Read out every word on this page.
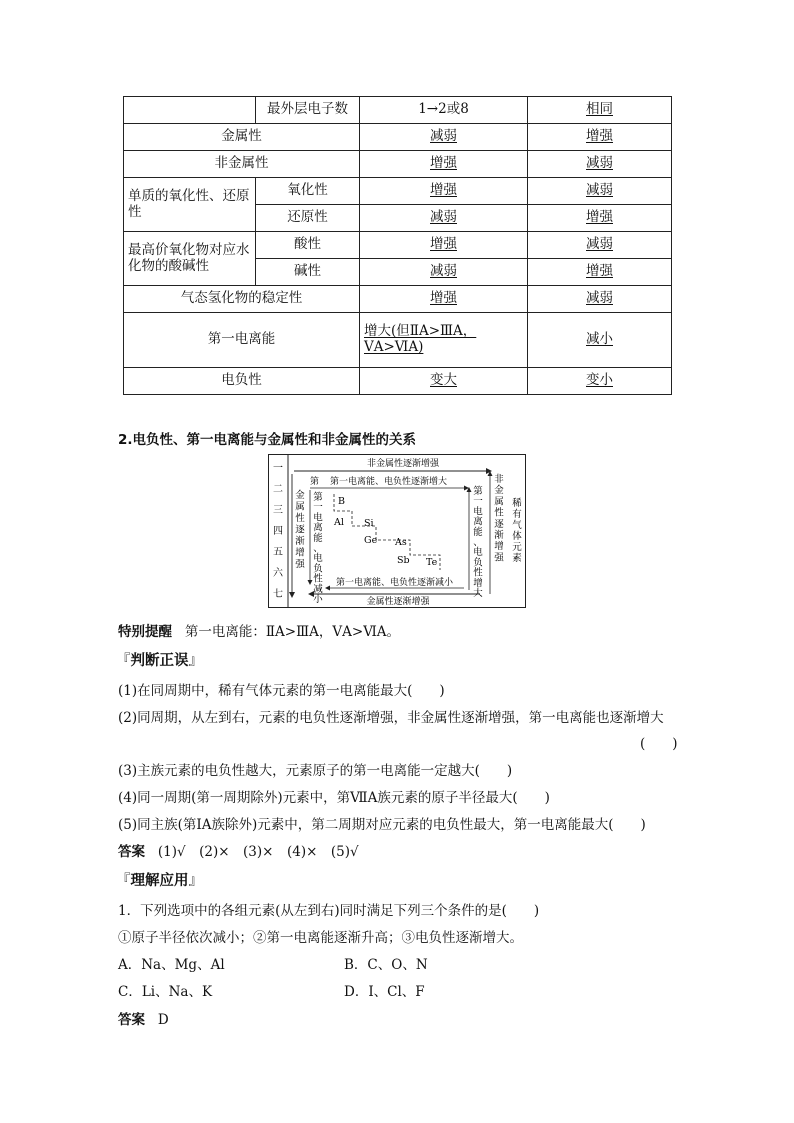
	最外层电子数	1→2或8	相同
金属性		减弱	增强
非金属性		增强	减弱
单质的氧化性、还原性	氧化性	增强	减弱
	还原性	减弱	增强
最高价氧化物对应水化物的酸碱性	酸性	增强	减弱
	碱性	减弱	增强
气态氢化物的稳定性		增强	减弱
第一电离能		增大(但ⅡA>ⅢA，ⅤA>ⅥA)	减小
电负性		变大	变小
2.电负性、第一电离能与金属性和非金属性的关系
一
二
三
四
五
六
七
非金属性逐渐增强
第 第一电离能、电负性逐渐增大
第一电离能、电负性逐渐减小
金属性逐渐增强
金
属
性
逐
渐
增
强
第
一
电
离
能
、
电
负
性
减
小
第
一
电
离
能
、
电
负
性
增
大
非
金
属
性
逐
渐
增
强
稀
有
气
体
元
素
B
Al Si
Ge As
Sb Te
特别提醒 第一电离能：ⅡA>ⅢA，ⅤA>ⅥA。
『判断正误』
(1)在同周期中，稀有气体元素的第一电离能最大(　　)
(2)同周期，从左到右，元素的电负性逐渐增强，非金属性逐渐增强，第一电离能也逐渐增大
(　　)
(3)主族元素的电负性越大，元素原子的第一电离能一定越大(　　)
(4)同一周期(第一周期除外)元素中，第ⅦA族元素的原子半径最大(　　)
(5)同主族(第ⅠA族除外)元素中，第二周期对应元素的电负性最大，第一电离能最大(　　)
答案 (1)√　(2)×　(3)×　(4)×　(5)√
『理解应用』
1．下列选项中的各组元素(从左到右)同时满足下列三个条件的是(　　)
①原子半径依次减小；②第一电离能逐渐升高；③电负性逐渐增大。
A．Na、Mg、Al	B．C、O、N
C．Li、Na、K	D．I、Cl、F
答案 D
